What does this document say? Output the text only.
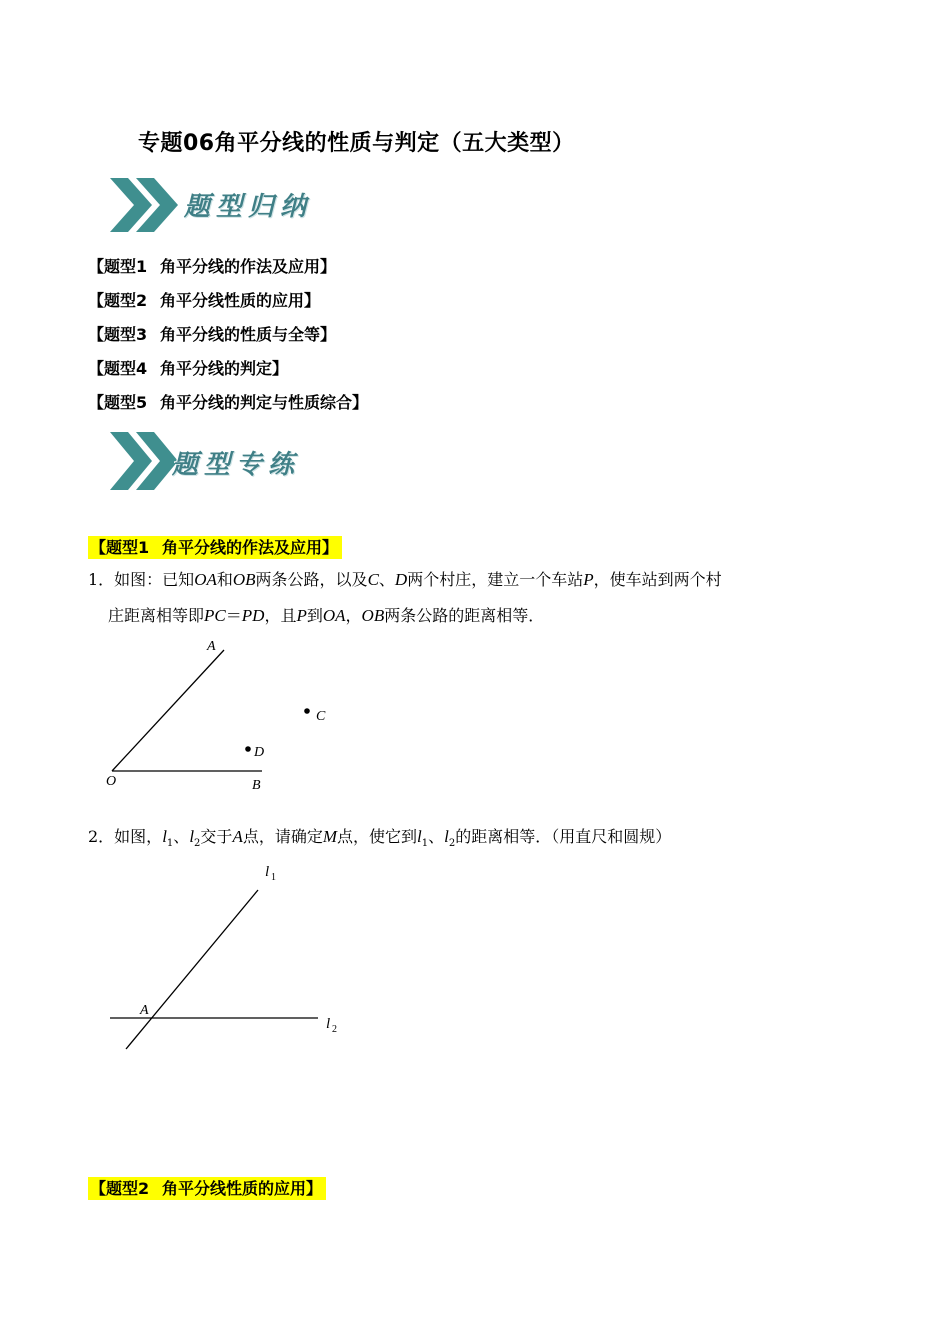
专题06角平分线的性质与判定（五大类型）
题型归纳
【题型1 角平分线的作法及应用】
【题型2 角平分线性质的应用】
【题型3 角平分线的性质与全等】
【题型4 角平分线的判定】
【题型5 角平分线的判定与性质综合】
题型专练
【题型1 角平分线的作法及应用】
1．如图：已知OA和OB两条公路，以及C、D两个村庄，建立一个车站P，使车站到两个村
庄距离相等即PC＝PD，且P到OA，OB两条公路的距离相等．
A
O	B
C
D
2．如图，$l_1$、$l_2$交于A点，请确定M点，使它到$l_1$、$l_2$的距离相等．（用直尺和圆规）
l 1
l 2
A
【题型2 角平分线性质的应用】
